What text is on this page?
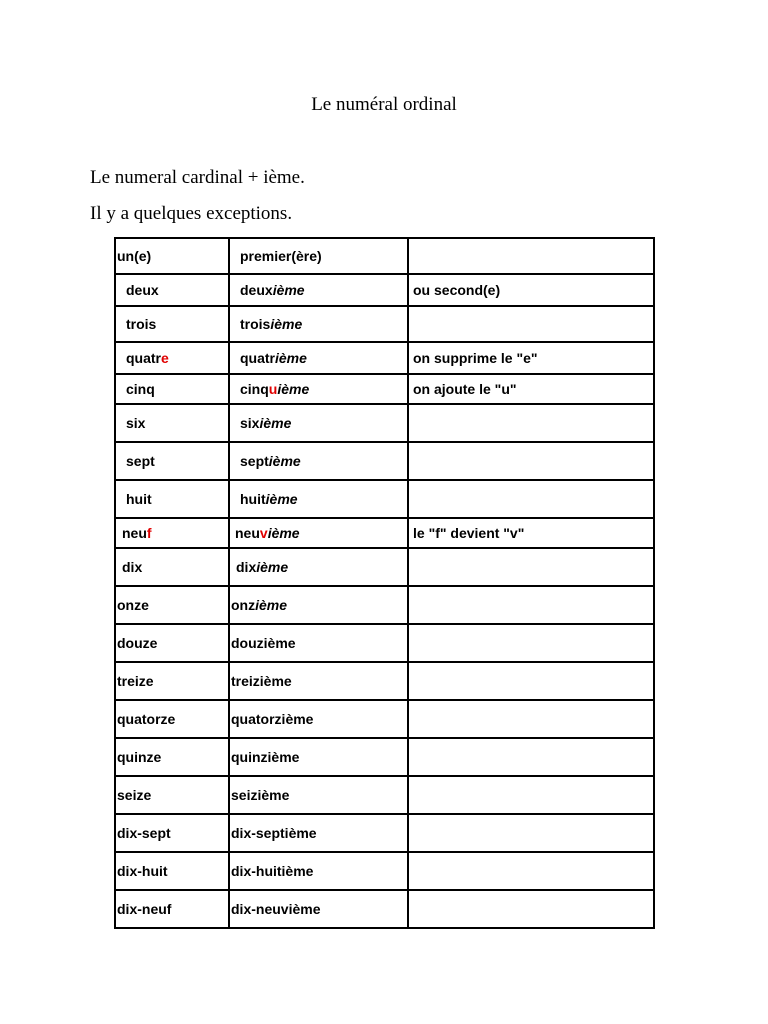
Le numéral ordinal
Le numeral cardinal + ième.
Il y a quelques exceptions.
un(e)	premier(ère)	
deux	deuxième	ou second(e)
trois	troisième	
quatre	quatrième	on supprime le "e"
cinq	cinquième	on ajoute le "u"
six	sixième	
sept	septième	
huit	huitième	
neuf	neuvième	le "f" devient "v"
dix	dixième	
onze	onzième	
douze	douzième	
treize	treizième	
quatorze	quatorzième	
quinze	quinzième	
seize	seizième	
dix-sept	dix-septième	
dix-huit	dix-huitième	
dix-neuf	dix-neuvième	
